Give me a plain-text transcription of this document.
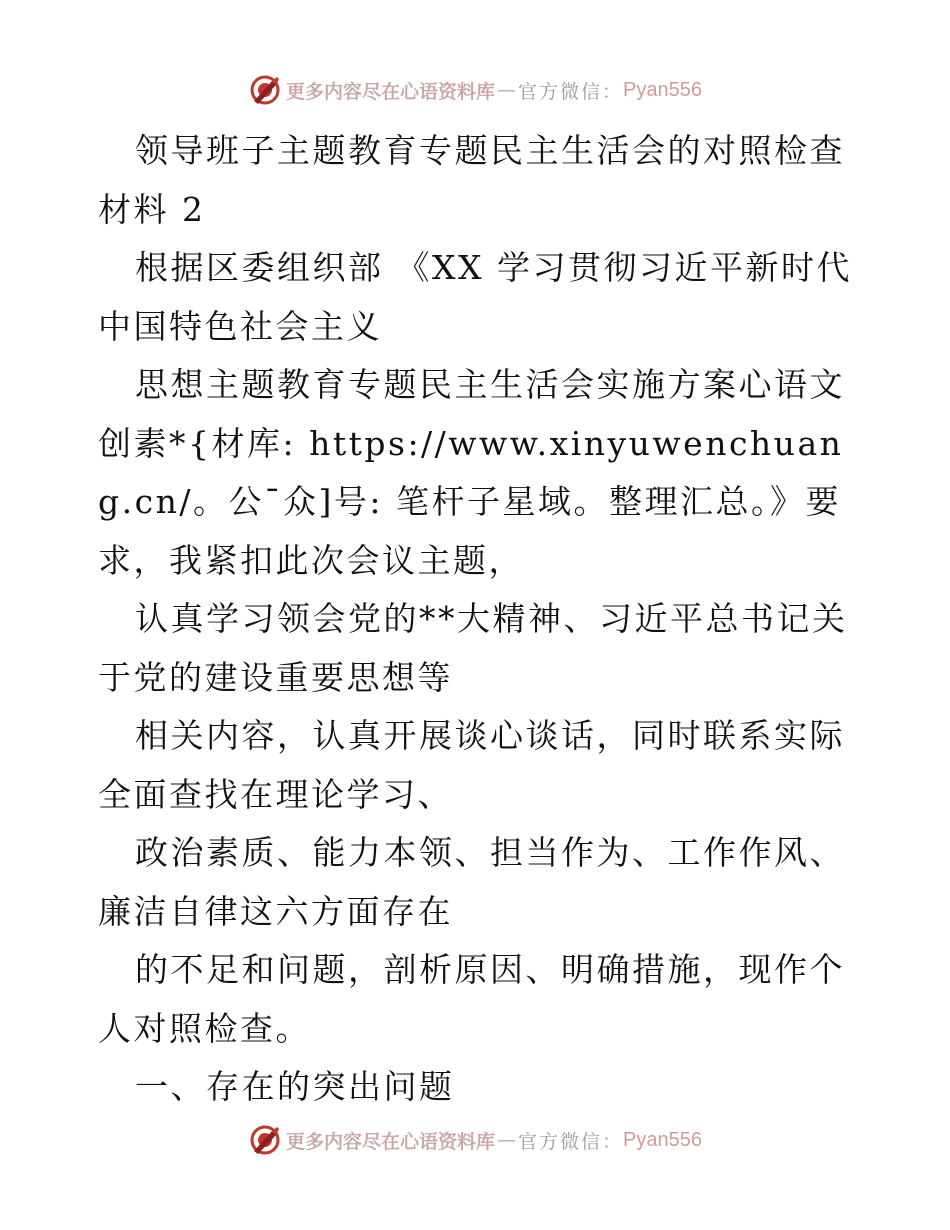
更多内容尽在心语资料库 — 官方微信： Pyan556

领导班子主题教育专题民主生活会的对照检查材料 2

根据区委组织部 《XX 学习贯彻习近平新时代中国特色社会主义

思想主题教育专题民主生活会实施方案心语文创素*{材库: https://www.xinyuwenchuang.cn/。公¯众]号: 笔杆子星域。整理汇总。》要求，我紧扣此次会议主题，

认真学习领会党的**大精神、习近平总书记关于党的建设重要思想等

相关内容，认真开展谈心谈话，同时联系实际全面查找在理论学习、

政治素质、能力本领、担当作为、工作作风、廉洁自律这六方面存在

的不足和问题，剖析原因、明确措施，现作个人对照检查。

一、存在的突出问题

更多内容尽在心语资料库 — 官方微信： Pyan556
